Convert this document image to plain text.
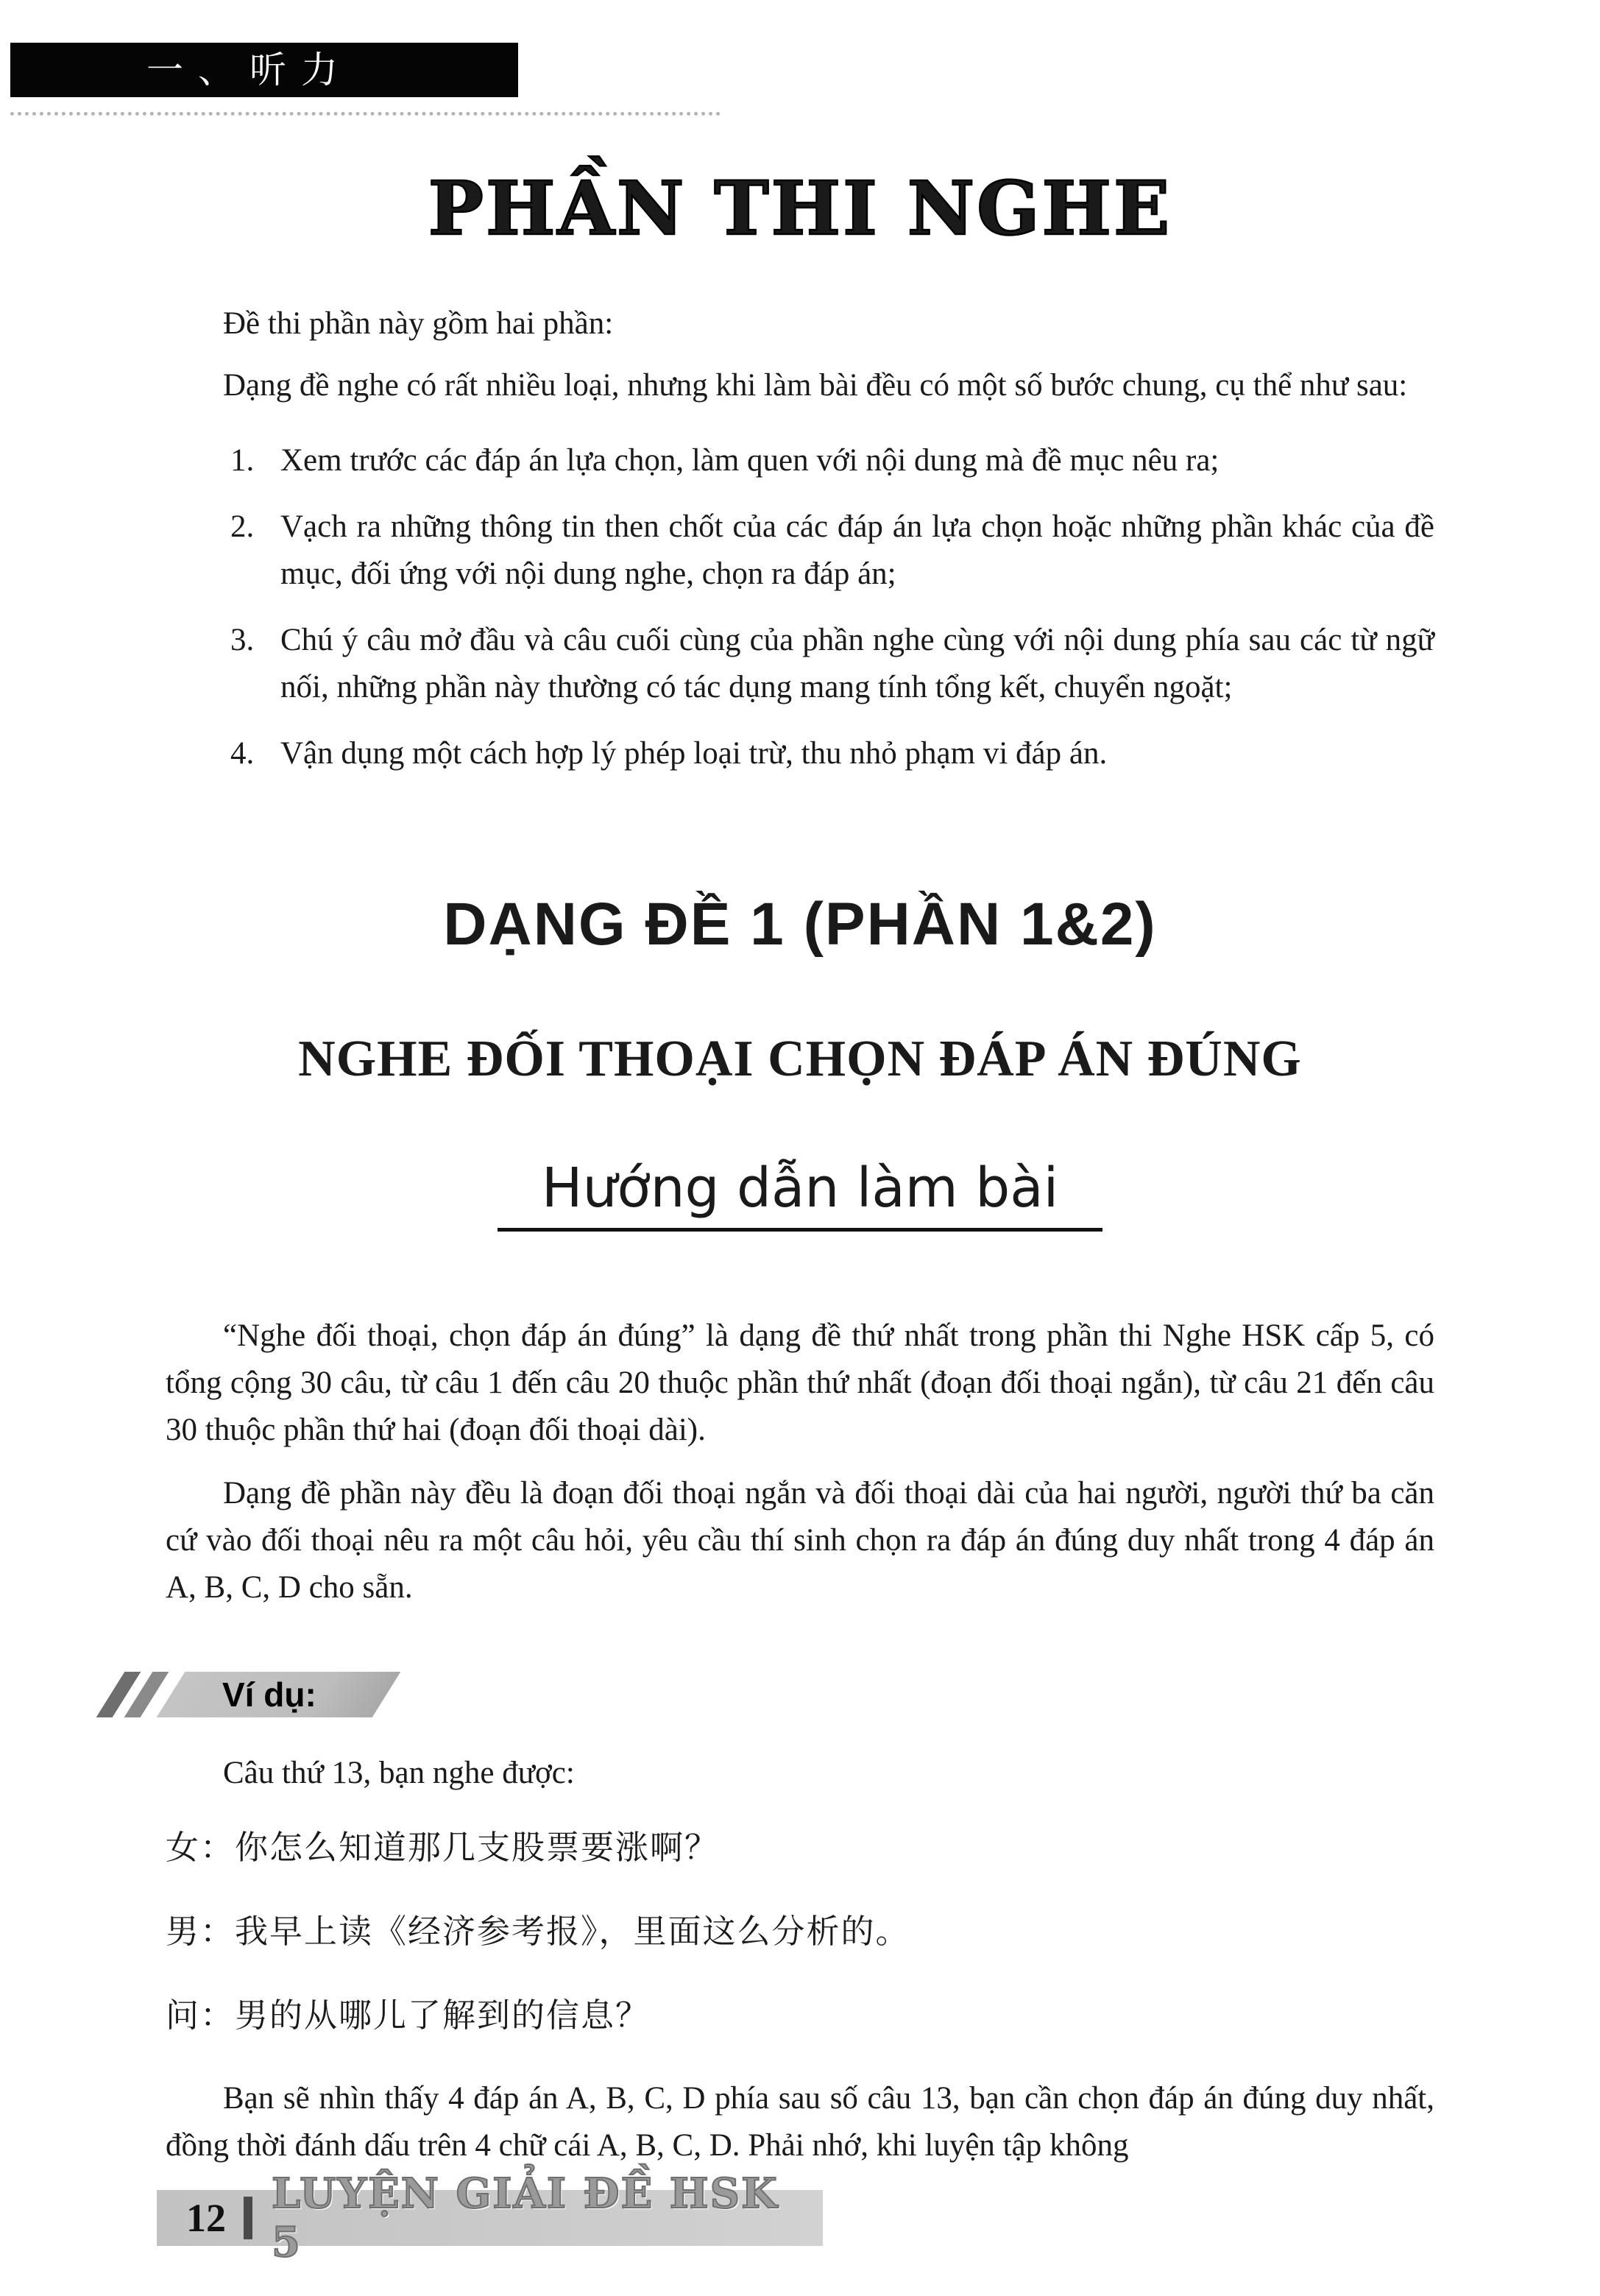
一、听力
PHẦN THI NGHE

Đề thi phần này gồm hai phần:

Dạng đề nghe có rất nhiều loại, nhưng khi làm bài đều có một số bước chung, cụ thể như sau:

1. Xem trước các đáp án lựa chọn, làm quen với nội dung mà đề mục nêu ra;
2. Vạch ra những thông tin then chốt của các đáp án lựa chọn hoặc những phần khác của đề mục, đối ứng với nội dung nghe, chọn ra đáp án;
3. Chú ý câu mở đầu và câu cuối cùng của phần nghe cùng với nội dung phía sau các từ ngữ nối, những phần này thường có tác dụng mang tính tổng kết, chuyển ngoặt;
4. Vận dụng một cách hợp lý phép loại trừ, thu nhỏ phạm vi đáp án.
DẠNG ĐỀ 1 (PHẦN 1&2)
NGHE ĐỐI THOẠI CHỌN ĐÁP ÁN ĐÚNG
Hướng dẫn làm bài

“Nghe đối thoại, chọn đáp án đúng” là dạng đề thứ nhất trong phần thi Nghe HSK cấp 5, có tổng cộng 30 câu, từ câu 1 đến câu 20 thuộc phần thứ nhất (đoạn đối thoại ngắn), từ câu 21 đến câu 30 thuộc phần thứ hai (đoạn đối thoại dài).

Dạng đề phần này đều là đoạn đối thoại ngắn và đối thoại dài của hai người, người thứ ba căn cứ vào đối thoại nêu ra một câu hỏi, yêu cầu thí sinh chọn ra đáp án đúng duy nhất trong 4 đáp án A, B, C, D cho sẵn.

Ví dụ:

Câu thứ 13, bạn nghe được:

女：你怎么知道那几支股票要涨啊？

男：我早上读《经济参考报》，里面这么分析的。

问：男的从哪儿了解到的信息？

Bạn sẽ nhìn thấy 4 đáp án A, B, C, D phía sau số câu 13, bạn cần chọn đáp án đúng duy nhất, đồng thời đánh dấu trên 4 chữ cái A, B, C, D. Phải nhớ, khi luyện tập không

12 LUYỆN GIẢI ĐỀ HSK 5
